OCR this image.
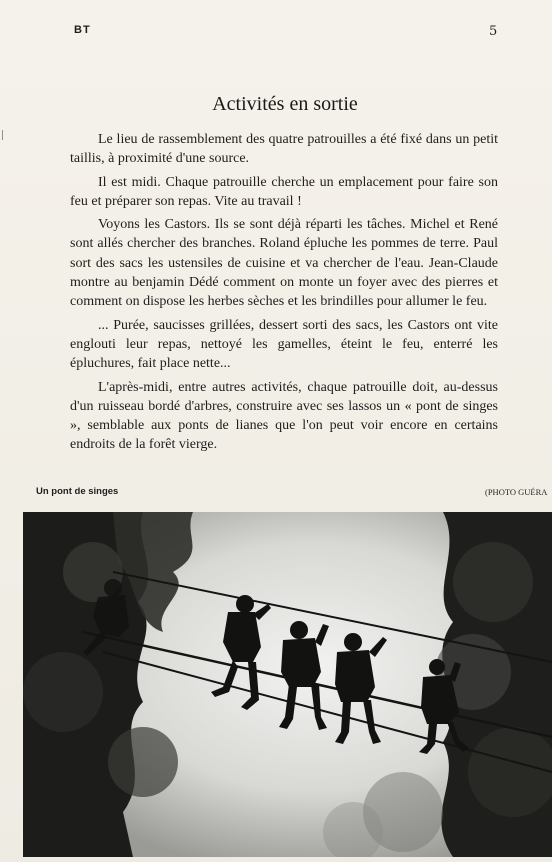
BT	5
Activités en sortie

Le lieu de rassemblement des quatre patrouilles a été fixé dans un petit taillis, à proximité d'une source.

Il est midi. Chaque patrouille cherche un emplacement pour faire son feu et préparer son repas. Vite au travail !

Voyons les Castors. Ils se sont déjà réparti les tâches. Michel et René sont allés chercher des branches. Roland épluche les pommes de terre. Paul sort des sacs les ustensiles de cuisine et va chercher de l'eau. Jean-Claude montre au benjamin Dédé comment on monte un foyer avec des pierres et comment on dispose les herbes sèches et les brindilles pour allumer le feu.

... Purée, saucisses grillées, dessert sorti des sacs, les Castors ont vite englouti leur repas, nettoyé les gamelles, éteint le feu, enterré les épluchures, fait place nette...

L'après-midi, entre autres activités, chaque patrouille doit, au-dessus d'un ruisseau bordé d'arbres, construire avec ses lassos un « pont de singes », semblable aux ponts de lianes que l'on peut voir encore en certains endroits de la forêt vierge.

Un pont de singes	(PHOTO GUÉRA
